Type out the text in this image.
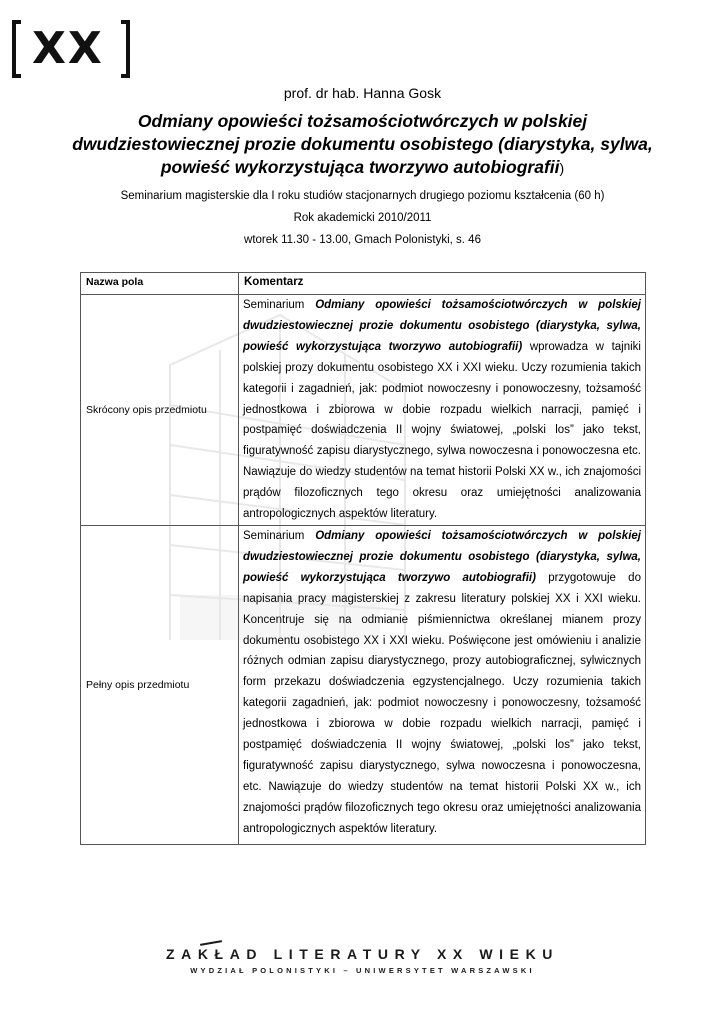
XX
prof. dr hab. Hanna Gosk
Odmiany opowieści tożsamościotwórczych w polskiej dwudziestowiecznej prozie dokumentu osobistego (diarystyka, sylwa, powieść wykorzystująca tworzywo autobiografii)
Seminarium magisterskie dla I roku studiów stacjonarnych drugiego poziomu kształcenia (60 h)
Rok akademicki 2010/2011
wtorek 11.30 - 13.00, Gmach Polonistyki, s. 46
Nazwa pola	Komentarz
Skrócony opis przedmiotu	Seminarium Odmiany opowieści tożsamościotwórczych w polskiej dwudziestowiecznej prozie dokumentu osobistego (diarystyka, sylwa, powieść wykorzystująca tworzywo autobiografii) wprowadza w tajniki polskiej prozy dokumentu osobistego XX i XXI wieku. Uczy rozumienia takich kategorii i zagadnień, jak: podmiot nowoczesny i ponowoczesny, tożsamość jednostkowa i zbiorowa w dobie rozpadu wielkich narracji, pamięć i postpamięć doświadczenia II wojny światowej, „polski los” jako tekst, figuratywność zapisu diarystycznego, sylwa nowoczesna i ponowoczesna etc. Nawiązuje do wiedzy studentów na temat historii Polski XX w., ich znajomości prądów filozoficznych tego okresu oraz umiejętności analizowania antropologicznych aspektów literatury.
Pełny opis przedmiotu	Seminarium Odmiany opowieści tożsamościotwórczych w polskiej dwudziestowiecznej prozie dokumentu osobistego (diarystyka, sylwa, powieść wykorzystująca tworzywo autobiografii) przygotowuje do napisania pracy magisterskiej z zakresu literatury polskiej XX i XXI wieku. Koncentruje się na odmianie piśmiennictwa określanej mianem prozy dokumentu osobistego XX i XXI wieku. Poświęcone jest omówieniu i analizie różnych odmian zapisu diarystycznego, prozy autobiograficznej, sylwicznych form przekazu doświadczenia egzystencjalnego. Uczy rozumienia takich kategorii zagadnień, jak: podmiot nowoczesny i ponowoczesny, tożsamość jednostkowa i zbiorowa w dobie rozpadu wielkich narracji, pamięć i postpamięć doświadczenia II wojny światowej, „polski los” jako tekst, figuratywność zapisu diarystycznego, sylwa nowoczesna i ponowoczesna, etc. Nawiązuje do wiedzy studentów na temat historii Polski XX w., ich znajomości prądów filozoficznych tego okresu oraz umiejętności analizowania antropologicznych aspektów literatury.
ZAKŁAD LITERATURY XX WIEKU
WYDZIAŁ POLONISTYKI – UNIWERSYTET WARSZAWSKI
